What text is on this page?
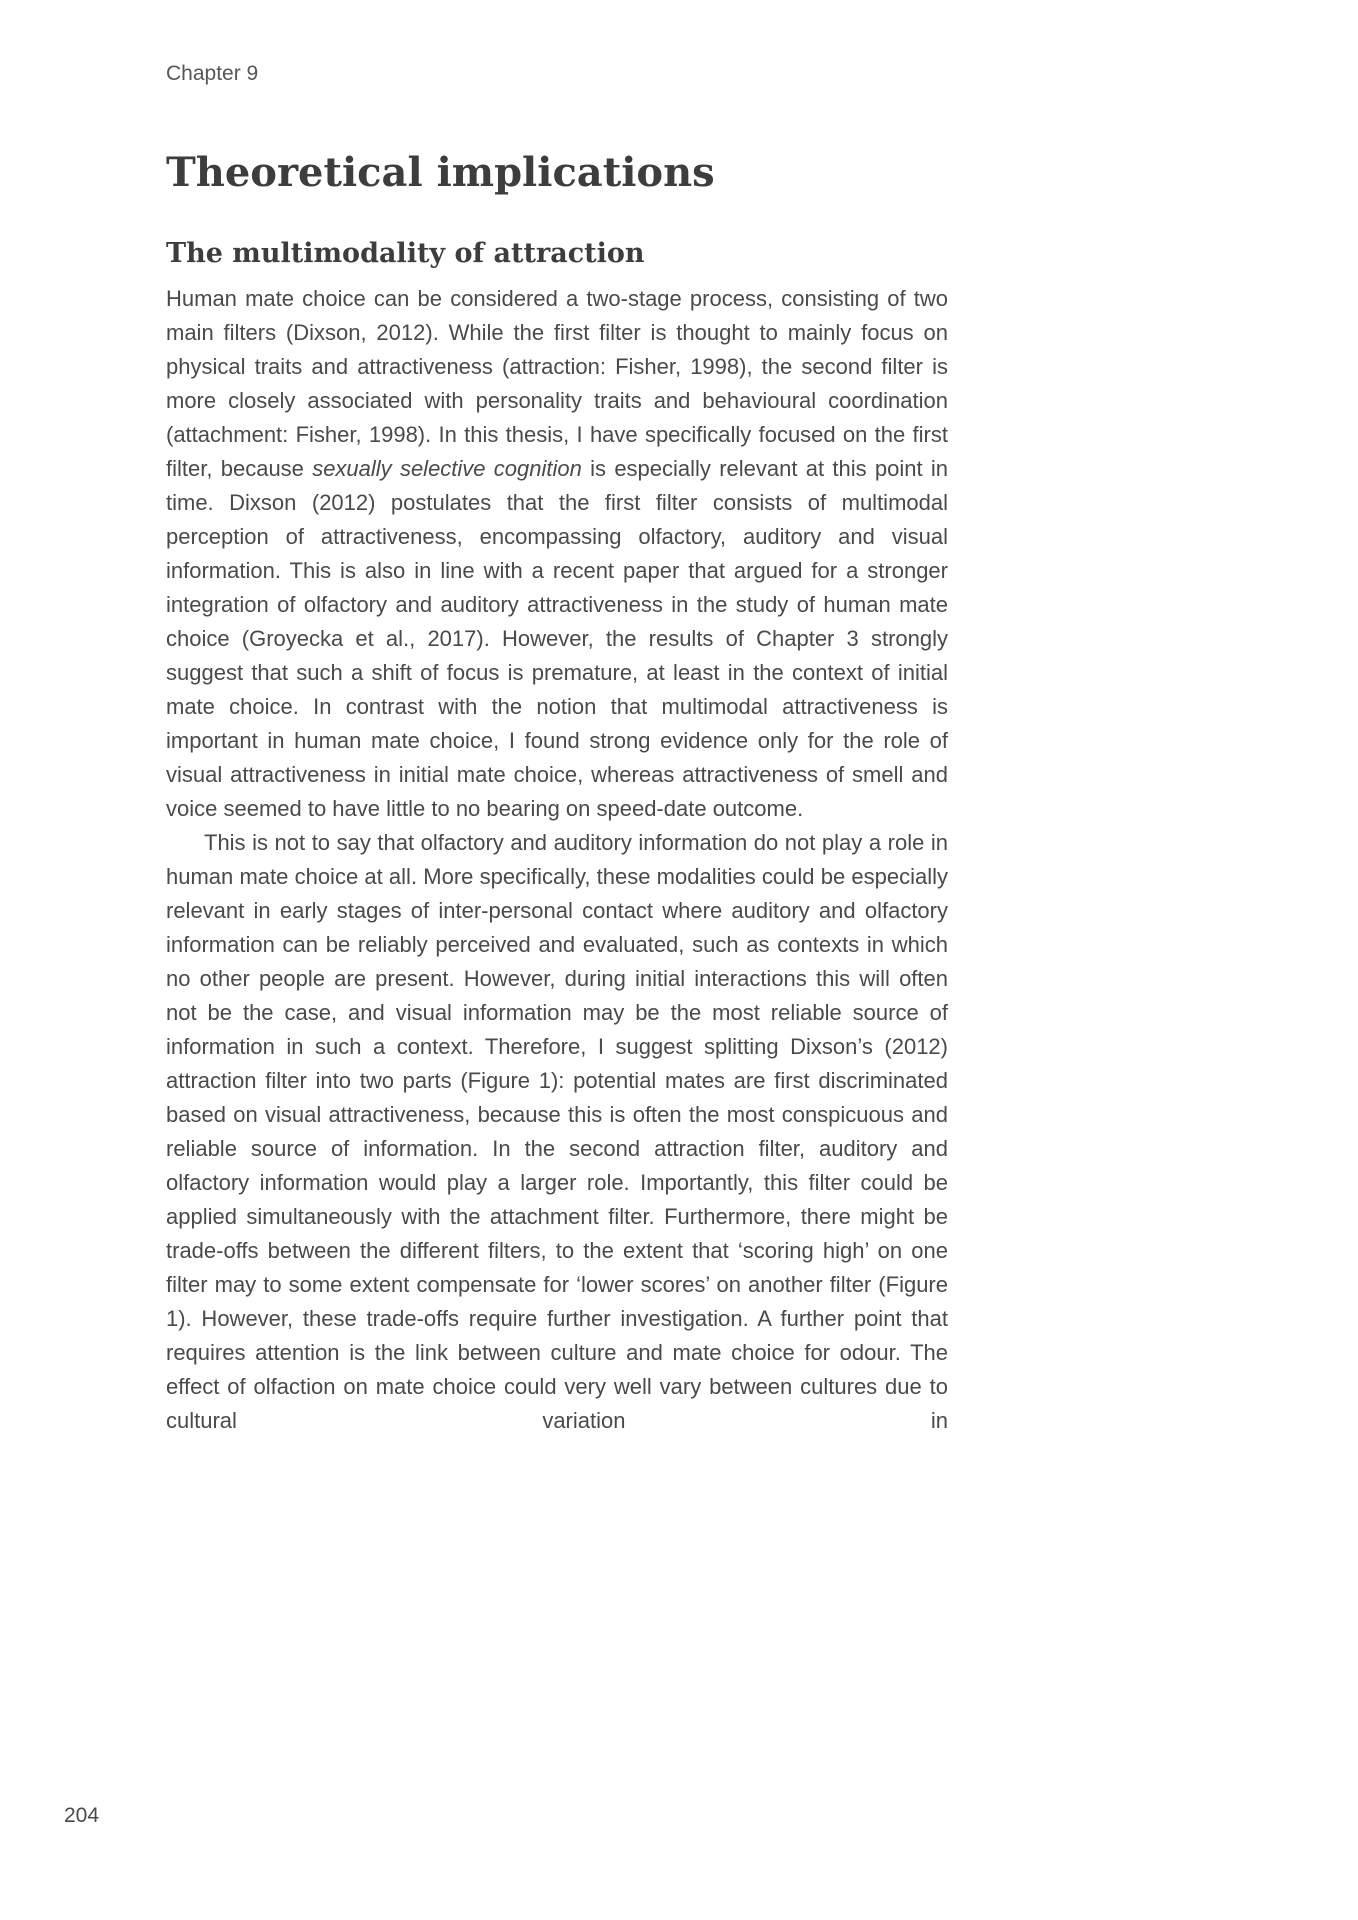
Chapter 9
Theoretical implications
The multimodality of attraction

Human mate choice can be considered a two-stage process, consisting of two main filters (Dixson, 2012). While the first filter is thought to mainly focus on physical traits and attractiveness (attraction: Fisher, 1998), the second filter is more closely associated with personality traits and behavioural coordination (attachment: Fisher, 1998). In this thesis, I have specifically focused on the first filter, because sexually selective cognition is especially relevant at this point in time. Dixson (2012) postulates that the first filter consists of multimodal perception of attractiveness, encompassing olfactory, auditory and visual information. This is also in line with a recent paper that argued for a stronger integration of olfactory and auditory attractiveness in the study of human mate choice (Groyecka et al., 2017). However, the results of Chapter 3 strongly suggest that such a shift of focus is premature, at least in the context of initial mate choice. In contrast with the notion that multimodal attractiveness is important in human mate choice, I found strong evidence only for the role of visual attractiveness in initial mate choice, whereas attractiveness of smell and voice seemed to have little to no bearing on speed-date outcome.

This is not to say that olfactory and auditory information do not play a role in human mate choice at all. More specifically, these modalities could be especially relevant in early stages of inter-personal contact where auditory and olfactory information can be reliably perceived and evaluated, such as contexts in which no other people are present. However, during initial interactions this will often not be the case, and visual information may be the most reliable source of information in such a context. Therefore, I suggest splitting Dixson’s (2012) attraction filter into two parts (Figure 1): potential mates are first discriminated based on visual attractiveness, because this is often the most conspicuous and reliable source of information. In the second attraction filter, auditory and olfactory information would play a larger role. Importantly, this filter could be applied simultaneously with the attachment filter. Furthermore, there might be trade-offs between the different filters, to the extent that ‘scoring high’ on one filter may to some extent compensate for ‘lower scores’ on another filter (Figure 1). However, these trade-offs require further investigation. A further point that requires attention is the link between culture and mate choice for odour. The effect of olfaction on mate choice could very well vary between cultures due to cultural variation in

204
